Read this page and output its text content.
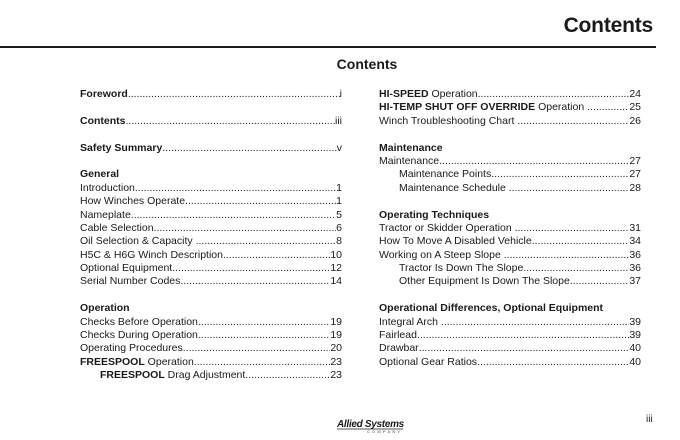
Contents
Contents
Foreword .....	i
Contents .....	iii
Safety Summary .....	v
General
Introduction .....	1
How Winches Operate .....	1
Nameplate .....	5
Cable Selection .....	6
Oil Selection & Capacity .....	8
H5C & H6G Winch Description .....	10
Optional Equipment .....	12
Serial Number Codes .....	14
Operation
Checks Before Operation .....	19
Checks During Operation .....	19
Operating Procedures .....	20
FREESPOOL Operation .....	23
FREESPOOL Drag Adjustment .....	23
HI-SPEED Operation .....	24
HI-TEMP SHUT OFF OVERRIDE Operation .....	25
Winch Troubleshooting Chart .....	26
Maintenance
Maintenance .....	27
Maintenance Points .....	27
Maintenance Schedule .....	28
Operating Techniques
Tractor or Skidder Operation .....	31
How To Move A Disabled Vehicle .....	34
Working on A Steep Slope .....	36
Tractor Is Down The Slope .....	36
Other Equipment Is Down The Slope .....	37
Operational Differences, Optional Equipment
Integral Arch .....	39
Fairlead .....	39
Drawbar .....	40
Optional Gear Ratios .....	40
Allied Systems
COMPANY
iii
